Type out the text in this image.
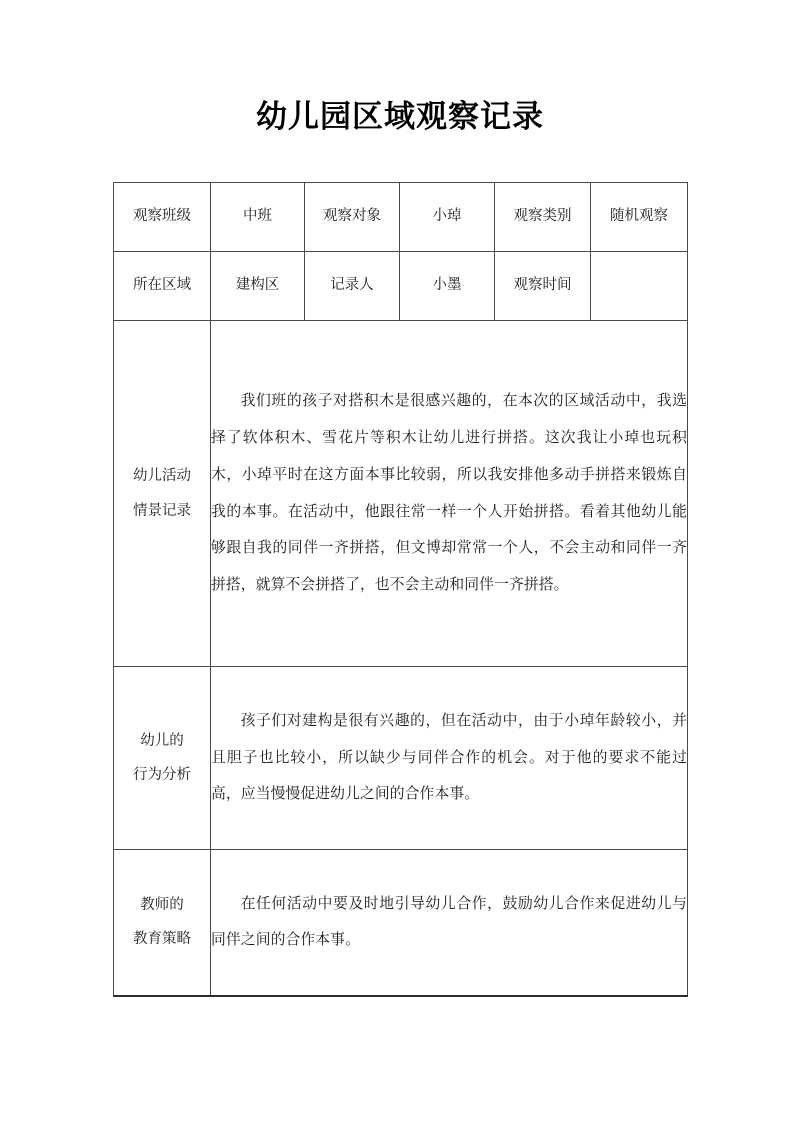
幼儿园区域观察记录
观察班级	中班	观察对象	小琸	观察类别	随机观察
所在区域	建构区	记录人	小墨	观察时间	

幼儿活动
情景记录	我们班的孩子对搭积木是很感兴趣的，在本次的区域活动中，我选择了软体积木、雪花片等积木让幼儿进行拼搭。这次我让小琸也玩积木，小琸平时在这方面本事比较弱，所以我安排他多动手拼搭来锻炼自我的本事。在活动中，他跟往常一样一个人开始拼搭。看着其他幼儿能够跟自我的同伴一齐拼搭，但文博却常常一个人，不会主动和同伴一齐拼搭，就算不会拼搭了，也不会主动和同伴一齐拼搭。				

幼儿的
行为分析	孩子们对建构是很有兴趣的，但在活动中，由于小琸年龄较小，并且胆子也比较小，所以缺少与同伴合作的机会。对于他的要求不能过高，应当慢慢促进幼儿之间的合作本事。				

教师的
教育策略	在任何活动中要及时地引导幼儿合作，鼓励幼儿合作来促进幼儿与同伴之间的合作本事。				
